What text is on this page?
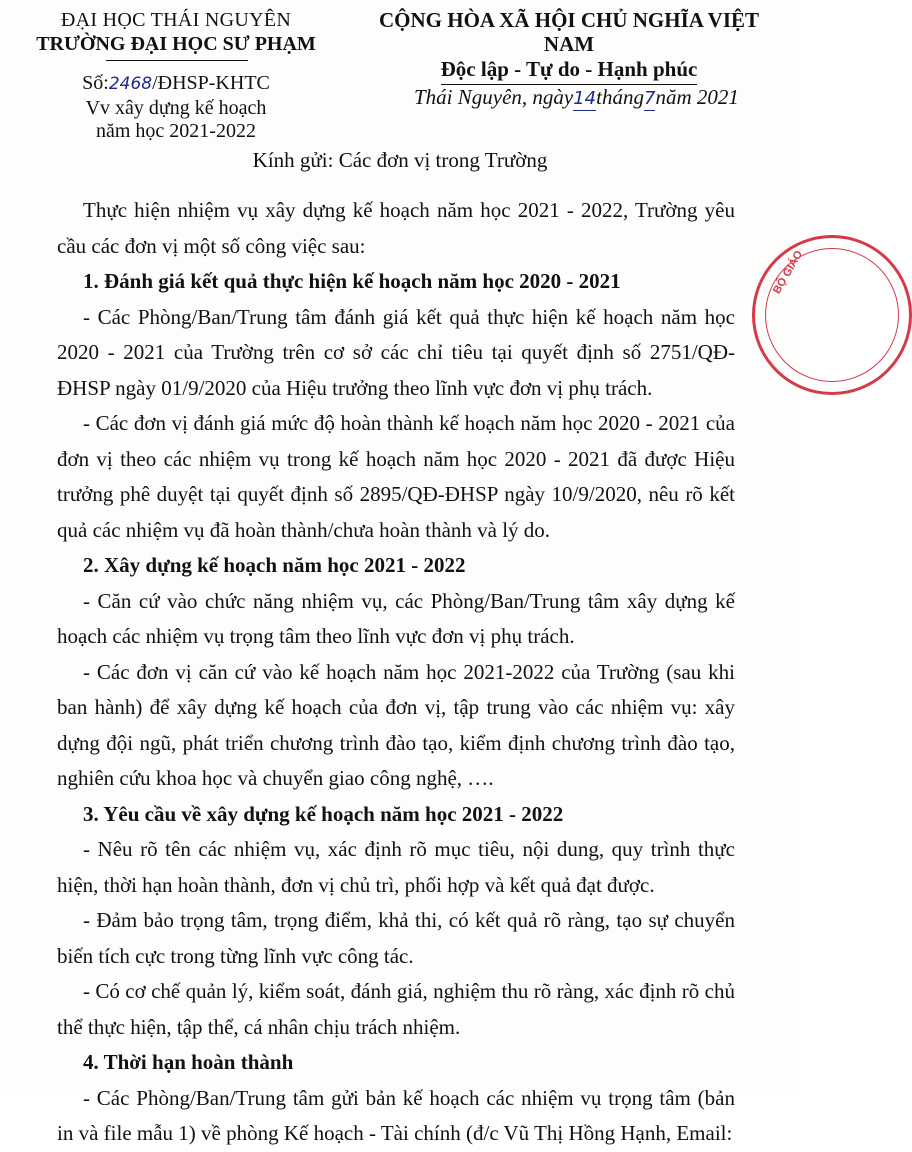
ĐẠI HỌC THÁI NGUYÊN
TRƯỜNG ĐẠI HỌC SƯ PHẠM
Số:2468/ĐHSP-KHTC
Vv xây dựng kế hoạch
năm học 2021-2022
CỘNG HÒA XÃ HỘI CHỦ NGHĨA VIỆT NAM
Độc lập - Tự do - Hạnh phúc
Thái Nguyên, ngày14tháng7năm 2021
Kính gửi: Các đơn vị trong Trường

Thực hiện nhiệm vụ xây dựng kế hoạch năm học 2021 - 2022, Trường yêu cầu các đơn vị một số công việc sau:

1. Đánh giá kết quả thực hiện kế hoạch năm học 2020 - 2021

- Các Phòng/Ban/Trung tâm đánh giá kết quả thực hiện kế hoạch năm học 2020 - 2021 của Trường trên cơ sở các chỉ tiêu tại quyết định số 2751/QĐ-ĐHSP ngày 01/9/2020 của Hiệu trưởng theo lĩnh vực đơn vị phụ trách.

- Các đơn vị đánh giá mức độ hoàn thành kế hoạch năm học 2020 - 2021 của đơn vị theo các nhiệm vụ trong kế hoạch năm học 2020 - 2021 đã được Hiệu trưởng phê duyệt tại quyết định số 2895/QĐ-ĐHSP ngày 10/9/2020, nêu rõ kết quả các nhiệm vụ đã hoàn thành/chưa hoàn thành và lý do.

2. Xây dựng kế hoạch năm học 2021 - 2022

- Căn cứ vào chức năng nhiệm vụ, các Phòng/Ban/Trung tâm xây dựng kế hoạch các nhiệm vụ trọng tâm theo lĩnh vực đơn vị phụ trách.

- Các đơn vị căn cứ vào kế hoạch năm học 2021-2022 của Trường (sau khi ban hành) để xây dựng kế hoạch của đơn vị, tập trung vào các nhiệm vụ: xây dựng đội ngũ, phát triển chương trình đào tạo, kiểm định chương trình đào tạo, nghiên cứu khoa học và chuyển giao công nghệ, ….

3. Yêu cầu về xây dựng kế hoạch năm học 2021 - 2022

- Nêu rõ tên các nhiệm vụ, xác định rõ mục tiêu, nội dung, quy trình thực hiện, thời hạn hoàn thành, đơn vị chủ trì, phối hợp và kết quả đạt được.

- Đảm bảo trọng tâm, trọng điểm, khả thi, có kết quả rõ ràng, tạo sự chuyển biến tích cực trong từng lĩnh vực công tác.

- Có cơ chế quản lý, kiểm soát, đánh giá, nghiệm thu rõ ràng, xác định rõ chủ thể thực hiện, tập thể, cá nhân chịu trách nhiệm.

4. Thời hạn hoàn thành

- Các Phòng/Ban/Trung tâm gửi bản kế hoạch các nhiệm vụ trọng tâm (bản in và file mẫu 1) về phòng Kế hoạch - Tài chính (đ/c Vũ Thị Hồng Hạnh, Email:

BỘ GIÁO
